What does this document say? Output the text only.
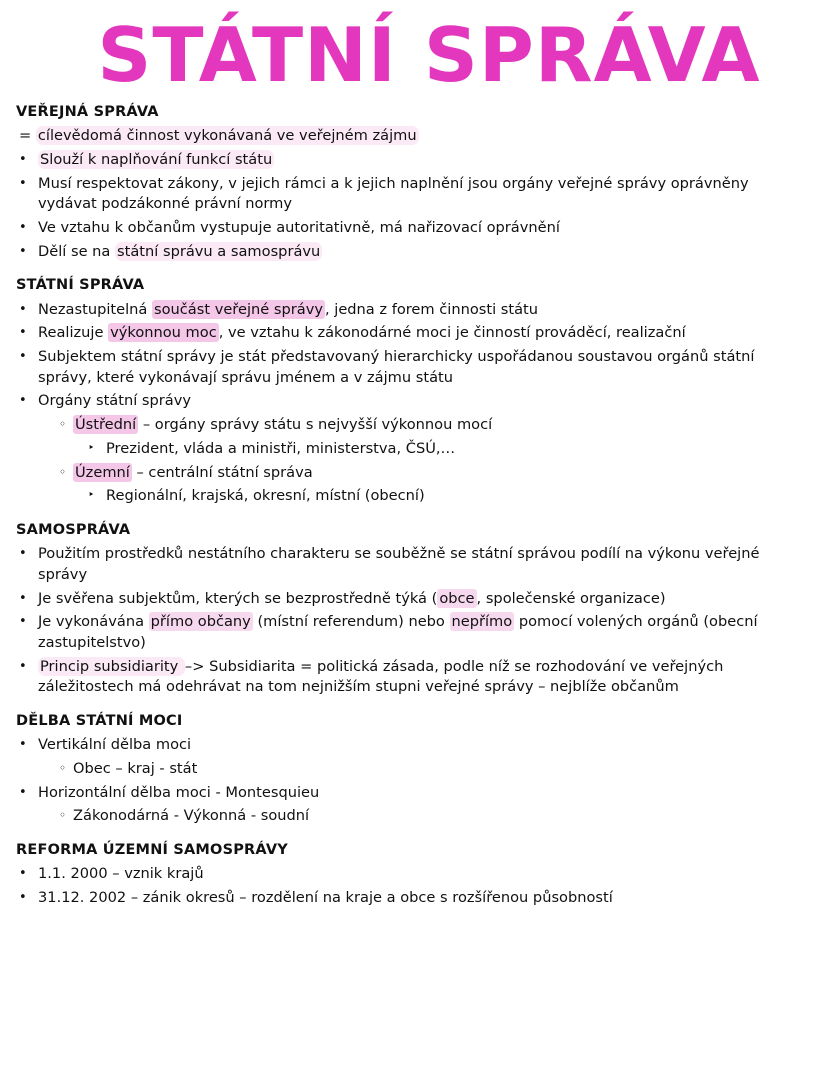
STÁTNÍ SPRÁVA
VEŘEJNÁ SPRÁVA
= cílevědomá činnost vykonávaná ve veřejném zájmu
• Slouží k naplňování funkcí státu
• Musí respektovat zákony, v jejich rámci a k jejich naplnění jsou orgány veřejné správy oprávněny vydávat podzákonné právní normy
• Ve vztahu k občanům vystupuje autoritativně, má nařizovací oprávnění
• Dělí se na státní správu a samosprávu
STÁTNÍ SPRÁVA
• Nezastupitelná součást veřejné správy , jedna z forem činnosti státu
• Realizuje výkonnou moc , ve vztahu k zákonodárné moci je činností prováděcí, realizační
• Subjektem státní správy je stát představovaný hierarchicky uspořádanou soustavou orgánů státní správy, které vykonávají správu jménem a v zájmu státu
• Orgány státní správy
◦ Ústřední – orgány správy státu s nejvyšší výkonnou mocí
‣ Prezident, vláda a ministři, ministerstva, ČSÚ,…
◦ Územní – centrální státní správa
‣ Regionální, krajská, okresní, místní (obecní)
SAMOSPRÁVA
• Použitím prostředků nestátního charakteru se souběžně se státní správou podílí na výkonu veřejné správy
• Je svěřena subjektům, kterých se bezprostředně týká ( obce , společenské organizace)
• Je vykonávána přímo občany (místní referendum) nebo nepřímo pomocí volených orgánů (obecní zastupitelstvo)
• Princip subsidiarity –> Subsidiarita = politická zásada, podle níž se rozhodování ve veřejných záležitostech má odehrávat na tom nejnižším stupni veřejné správy – nejblíže občanům
DĚLBA STÁTNÍ MOCI
• Vertikální dělba moci
◦ Obec – kraj - stát
• Horizontální dělba moci - Montesquieu
◦ Zákonodárná - Výkonná - soudní
REFORMA ÚZEMNÍ SAMOSPRÁVY
• 1.1. 2000 – vznik krajů
• 31.12. 2002 – zánik okresů – rozdělení na kraje a obce s rozšířenou působností
